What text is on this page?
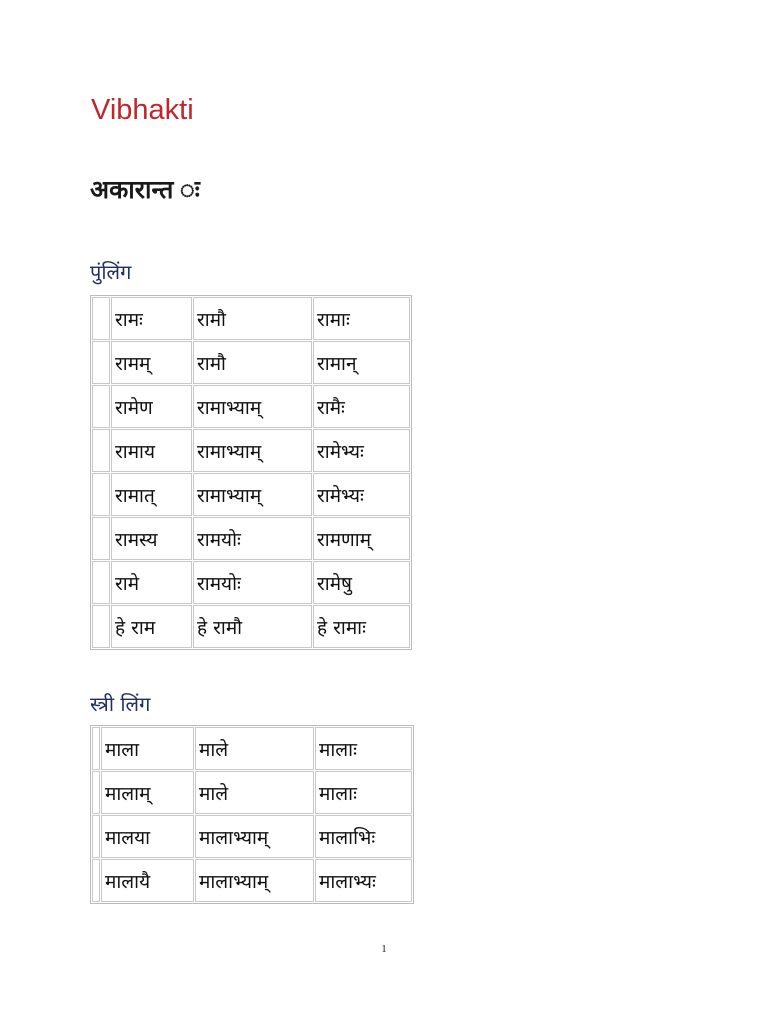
Vibhakti
अकारान्त ः
पुंलिंग
	रामः	रामौ	रामाः
	रामम्	रामौ	रामान्
	रामेण	रामाभ्याम्	रामैः
	रामाय	रामाभ्याम्	रामेभ्यः
	रामात्	रामाभ्याम्	रामेभ्यः
	रामस्य	रामयोः	रामणाम्
	रामे	रामयोः	रामेषु
	हे राम	हे रामौ	हे रामाः
स्त्री लिंग
	माला	माले	मालाः
	मालाम्	माले	मालाः
	मालया	मालाभ्याम्	मालाभिः
	मालायै	मालाभ्याम्	मालाभ्यः
1
